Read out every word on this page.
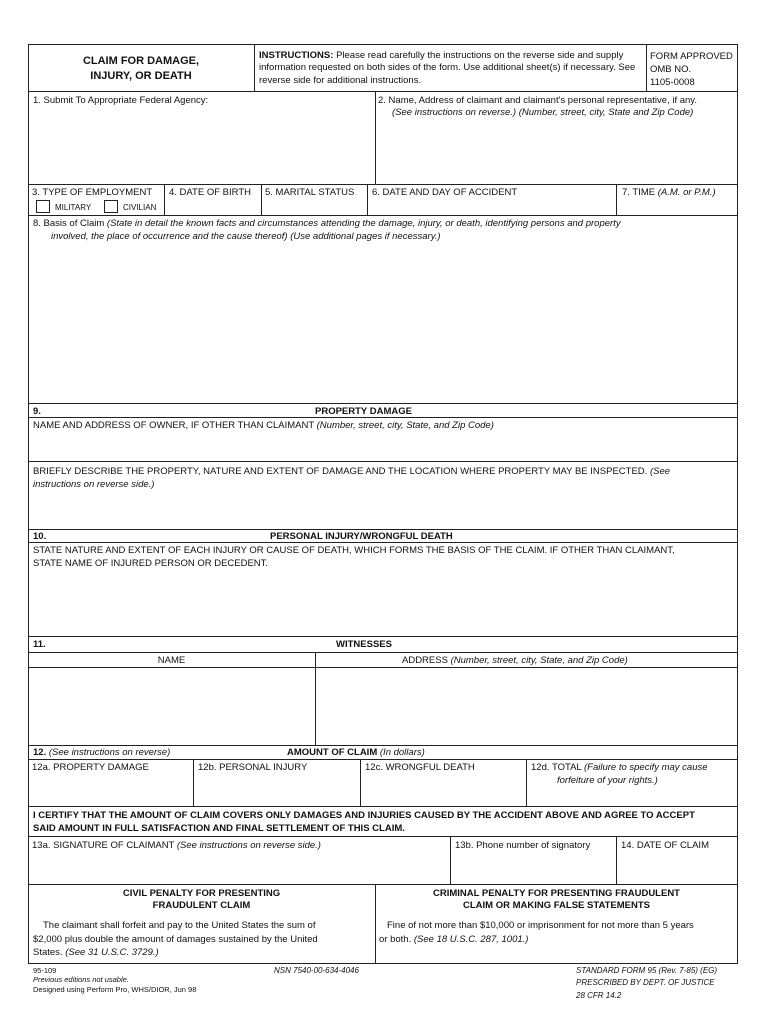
CLAIM FOR DAMAGE,
INJURY, OR DEATH
INSTRUCTIONS: Please read carefully the instructions on the reverse side and supply information requested on both sides of the form. Use additional sheet(s) if necessary. See reverse side for additional instructions.
FORM APPROVED
OMB NO.
1105-0008
1. Submit To Appropriate Federal Agency:	2. Name, Address of claimant and claimant's personal representative, if any.
(See instructions on reverse.) (Number, street, city, State and Zip Code)
3. TYPE OF EMPLOYMENT
MILITARY	CIVILIAN
4. DATE OF BIRTH 5. MARITAL STATUS 6. DATE AND DAY OF ACCIDENT	7. TIME (A.M. or P.M.)
8. Basis of Claim (State in detail the known facts and circumstances attending the damage, injury, or death, identifying persons and property
involved, the place of occurrence and the cause thereof) (Use additional pages if necessary.)
9.	PROPERTY DAMAGE
NAME AND ADDRESS OF OWNER, IF OTHER THAN CLAIMANT (Number, street, city, State, and Zip Code)
BRIEFLY DESCRIBE THE PROPERTY, NATURE AND EXTENT OF DAMAGE AND THE LOCATION WHERE PROPERTY MAY BE INSPECTED. (See
instructions on reverse side.)
10.	PERSONAL INJURY/WRONGFUL DEATH
STATE NATURE AND EXTENT OF EACH INJURY OR CAUSE OF DEATH, WHICH FORMS THE BASIS OF THE CLAIM. IF OTHER THAN CLAIMANT,
STATE NAME OF INJURED PERSON OR DECEDENT.
11.	WITNESSES
NAME	ADDRESS (Number, street, city, State, and Zip Code)
12. (See instructions on reverse)	AMOUNT OF CLAIM (In dollars)
12a. PROPERTY DAMAGE	12b. PERSONAL INJURY	12c. WRONGFUL DEATH	12d. TOTAL (Failure to specify may cause
forfeiture of your rights.)
I CERTIFY THAT THE AMOUNT OF CLAIM COVERS ONLY DAMAGES AND INJURIES CAUSED BY THE ACCIDENT ABOVE AND AGREE TO ACCEPT
SAID AMOUNT IN FULL SATISFACTION AND FINAL SETTLEMENT OF THIS CLAIM.
13a. SIGNATURE OF CLAIMANT (See instructions on reverse side.)	13b. Phone number of signatory	14. DATE OF CLAIM
CIVIL PENALTY FOR PRESENTING
FRAUDULENT CLAIM
The claimant shall forfeit and pay to the United States the sum of
$2,000 plus double the amount of damages sustained by the United
States. (See 31 U.S.C. 3729.)
CRIMINAL PENALTY FOR PRESENTING FRAUDULENT
CLAIM OR MAKING FALSE STATEMENTS
Fine of not more than $10,000 or imprisonment for not more than 5 years
or both. (See 18 U.S.C. 287, 1001.)
95-109
Previous editions not usable.
Designed using Perform Pro, WHS/DIOR, Jun 98
NSN 7540-00-634-4046	STANDARD FORM 95 (Rev. 7-85) (EG)
PRESCRIBED BY DEPT. OF JUSTICE
28 CFR 14.2
